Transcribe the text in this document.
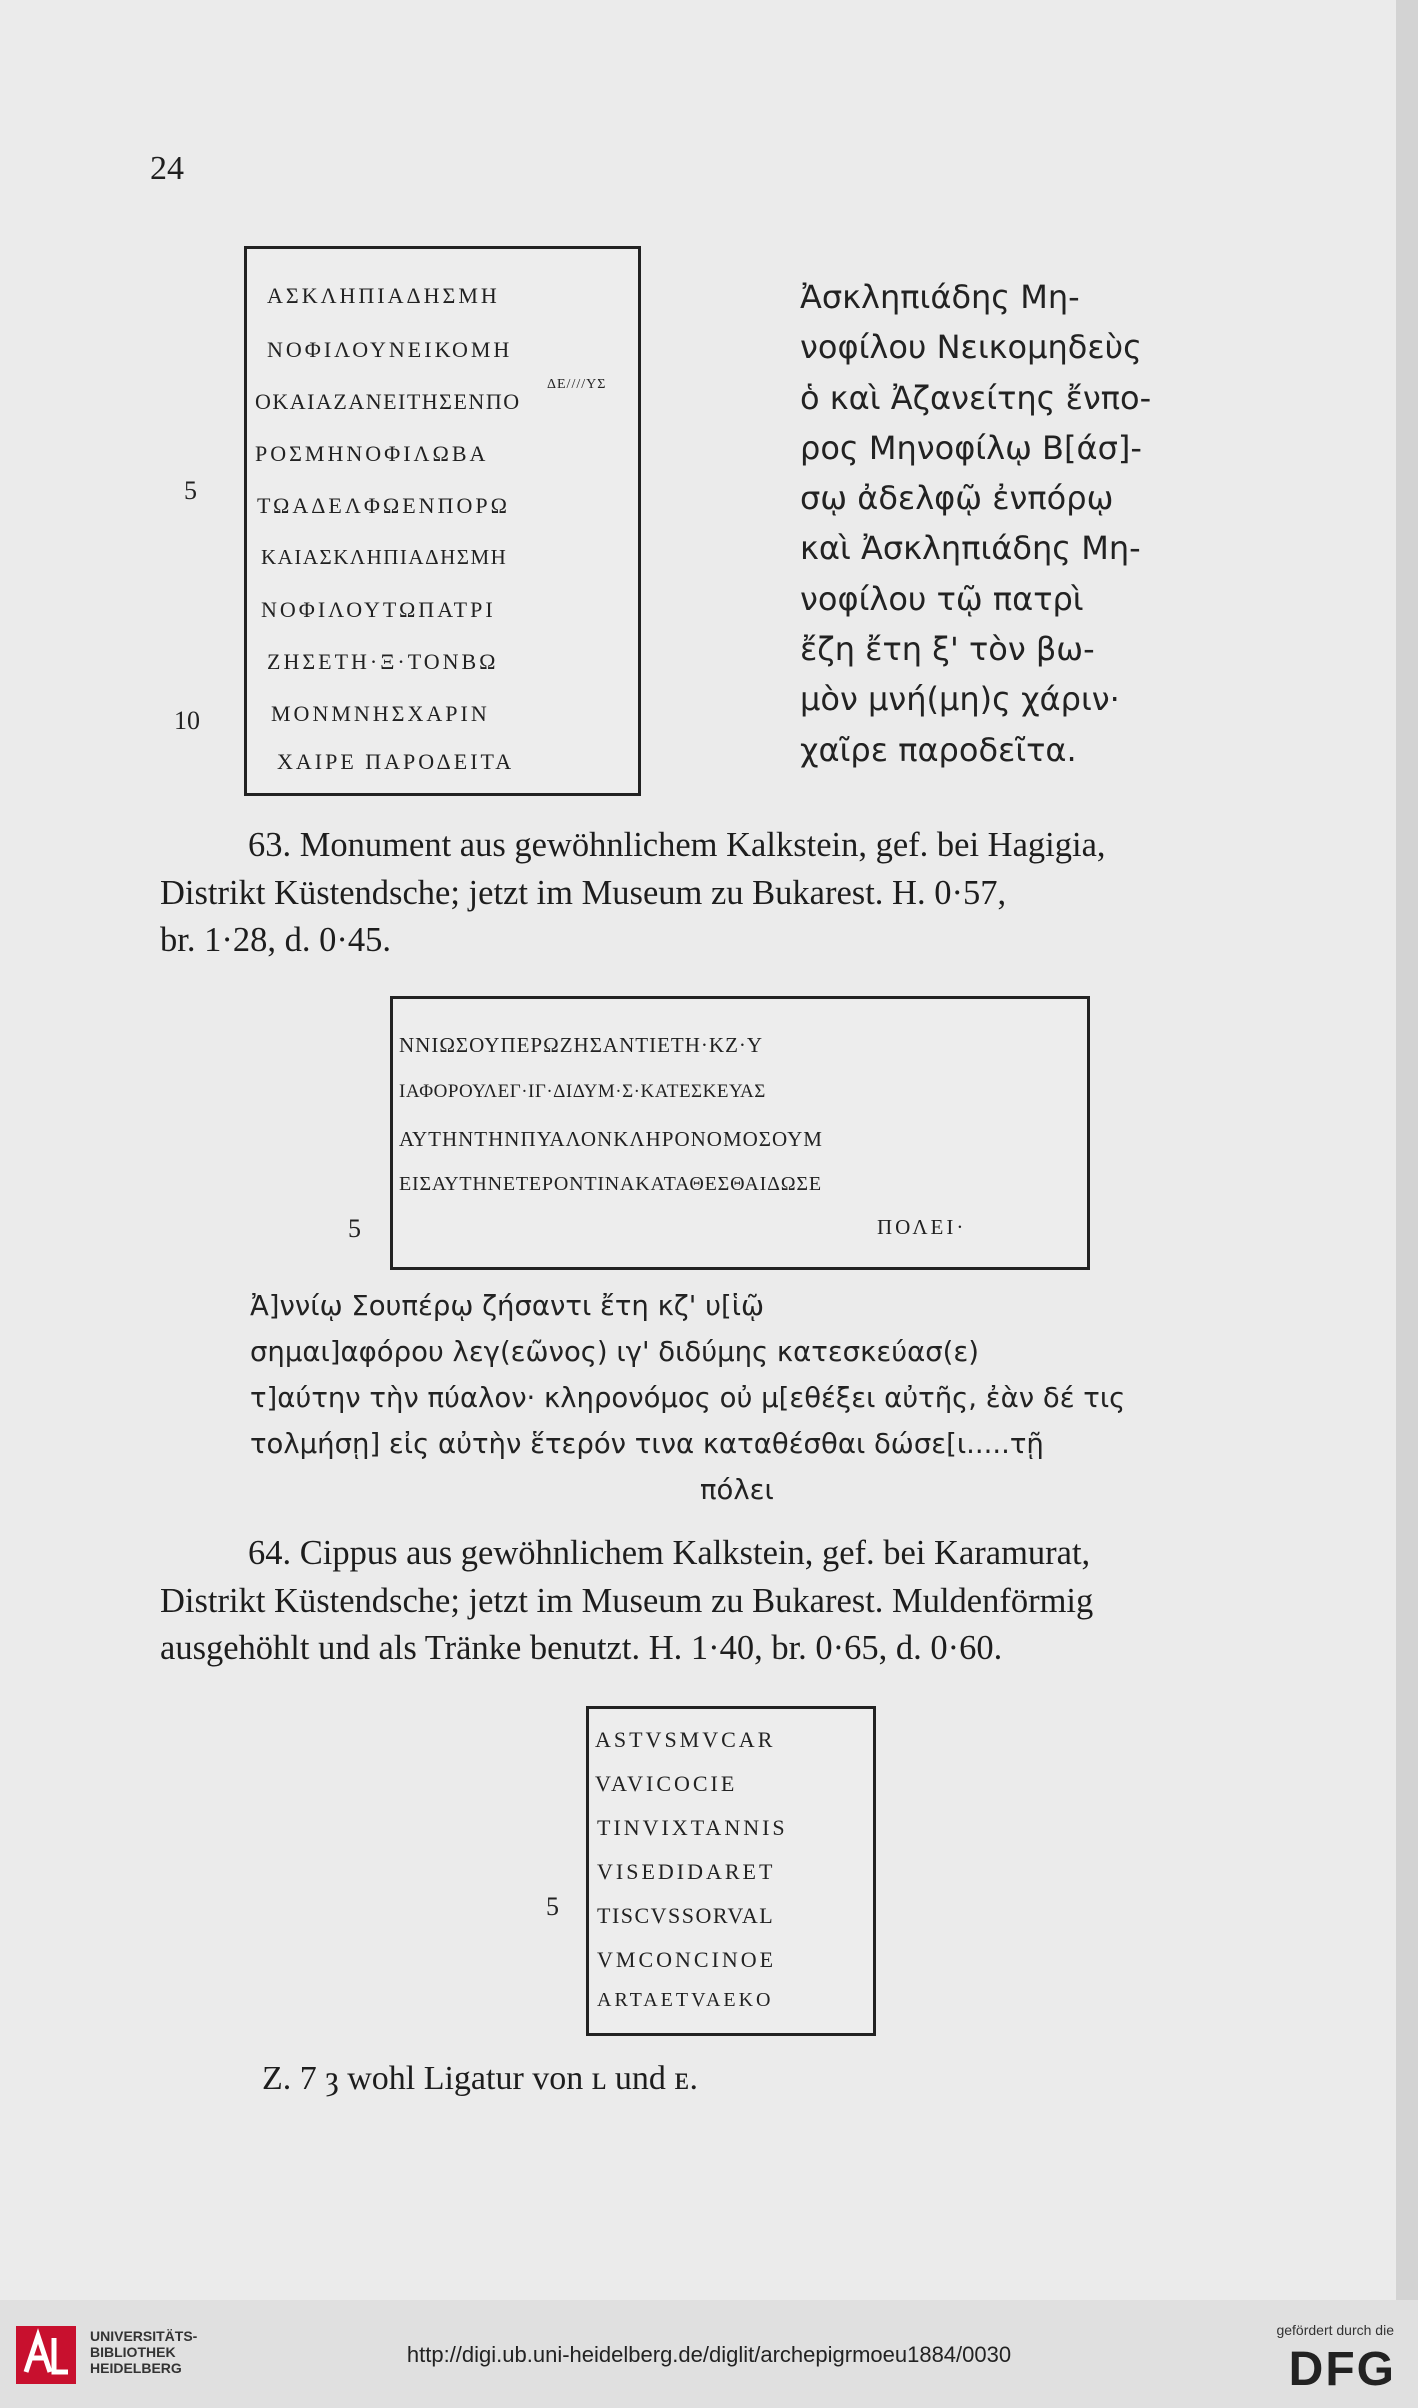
24
ΑΣΚΛΗΠΙΑΔΗΣΜΗ
ΝΟΦΙΛΟΥΝΕΙΚΟΜΗ
ΔΕ////ΥΣ
ΟΚΑΙΑΖΑΝΕΙΤΗΣΕΝΠΟ
ΡΟΣΜΗΝΟΦΙΛΩΒΑ
ΤΩΑΔΕΛΦΩΕΝΠΟΡΩ
ΚΑΙΑΣΚΛΗΠΙΑΔΗΣΜΗ
ΝΟΦΙΛΟΥΤΩΠΑΤΡΙ
ΖΗΣΕΤΗ·Ξ·ΤΟΝΒΩ
ΜΟΝΜΝΗΣΧΑΡΙΝ
ΧΑΙΡΕ ΠΑΡΟΔΕΙΤΑ
5
10
Ἀσκληπιάδης Μη-
νοφίλου Νεικομηδεὺς
ὁ καὶ Ἀζανείτης ἔνπο-
ρος Μηνοφίλῳ Β[άσ]-
σῳ ἀδελφῷ ἐνπόρῳ
καὶ Ἀσκληπιάδης Μη-
νοφίλου τῷ πατρὶ
ἔζη ἔτη ξ' τὸν βω-
μὸν μνή(μη)ς χάριν·
χαῖρε παροδεῖτα.
63. Monument aus gewöhnlichem Kalkstein, gef. bei Hagigia,
Distrikt Küstendsche; jetzt im Museum zu Bukarest. H. 0·57,
br. 1·28, d. 0·45.
ΝΝΙΩΣΟΥΠΕΡΩΖΗΣΑΝΤΙΕΤΗ·ΚΖ·Υ
ΙΑΦΟΡΟΥΛΕΓ·ΙΓ·ΔΙΔΥΜ·Σ·ΚΑΤΕΣΚΕΥΑΣ
ΑΥΤΗΝΤΗΝΠΥΑΛΟΝΚΛΗΡΟΝΟΜΟΣΟΥΜ
ΕΙΣΑΥΤΗΝΕΤΕΡΟΝΤΙΝΑΚΑΤΑΘΕΣΘΑΙΔΩΣΕ
ΠΟΛΕΙ·
5
Ἀ]ννίῳ Σουπέρῳ ζήσαντι ἔτη κζ' υ[ἱῷ
σημαι]αφόρου λεγ(εῶνος) ιγ' διδύμης κατεσκεύασ(ε)
τ]αύτην τὴν πύαλον· κληρονόμος οὐ μ[εθέξει αὐτῆς, ἐὰν δέ τις
τολμήσῃ] εἰς αὐτὴν ἕτερόν τινα καταθέσθαι δώσε[ι.....τῇ
πόλει
64. Cippus aus gewöhnlichem Kalkstein, gef. bei Karamurat,
Distrikt Küstendsche; jetzt im Museum zu Bukarest. Muldenförmig
ausgehöhlt und als Tränke benutzt. H. 1·40, br. 0·65, d. 0·60.
ASTVSMVCAR
VAVICOCIE
TINVIXTANNIS
VISEDIDARET
TISCVSSORVAL
VMCONCINOE
ARTAETVAEKO
5
Z. 7 ȝ wohl Ligatur von ʟ und ᴇ.
UNIVERSITÄTS-
BIBLIOTHEK
HEIDELBERG
http://digi.ub.uni-heidelberg.de/diglit/archepigrmoeu1884/0030
gefördert durch die
DFG
